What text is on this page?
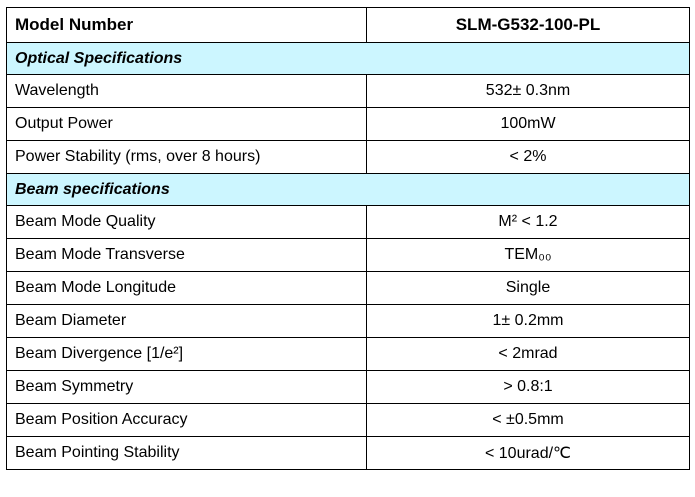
Model Number	SLM-G532-100-PL
Optical Specifications	
Wavelength	532± 0.3nm
Output Power	100mW
Power Stability (rms, over 8 hours)	< 2%
Beam specifications	
Beam Mode Quality	M² < 1.2
Beam Mode Transverse	TEM₀₀
Beam Mode Longitude	Single
Beam Diameter	1± 0.2mm
Beam Divergence [1/e²]	< 2mrad
Beam Symmetry	> 0.8:1
Beam Position Accuracy	< ±0.5mm
Beam Pointing Stability	< 10urad/℃
